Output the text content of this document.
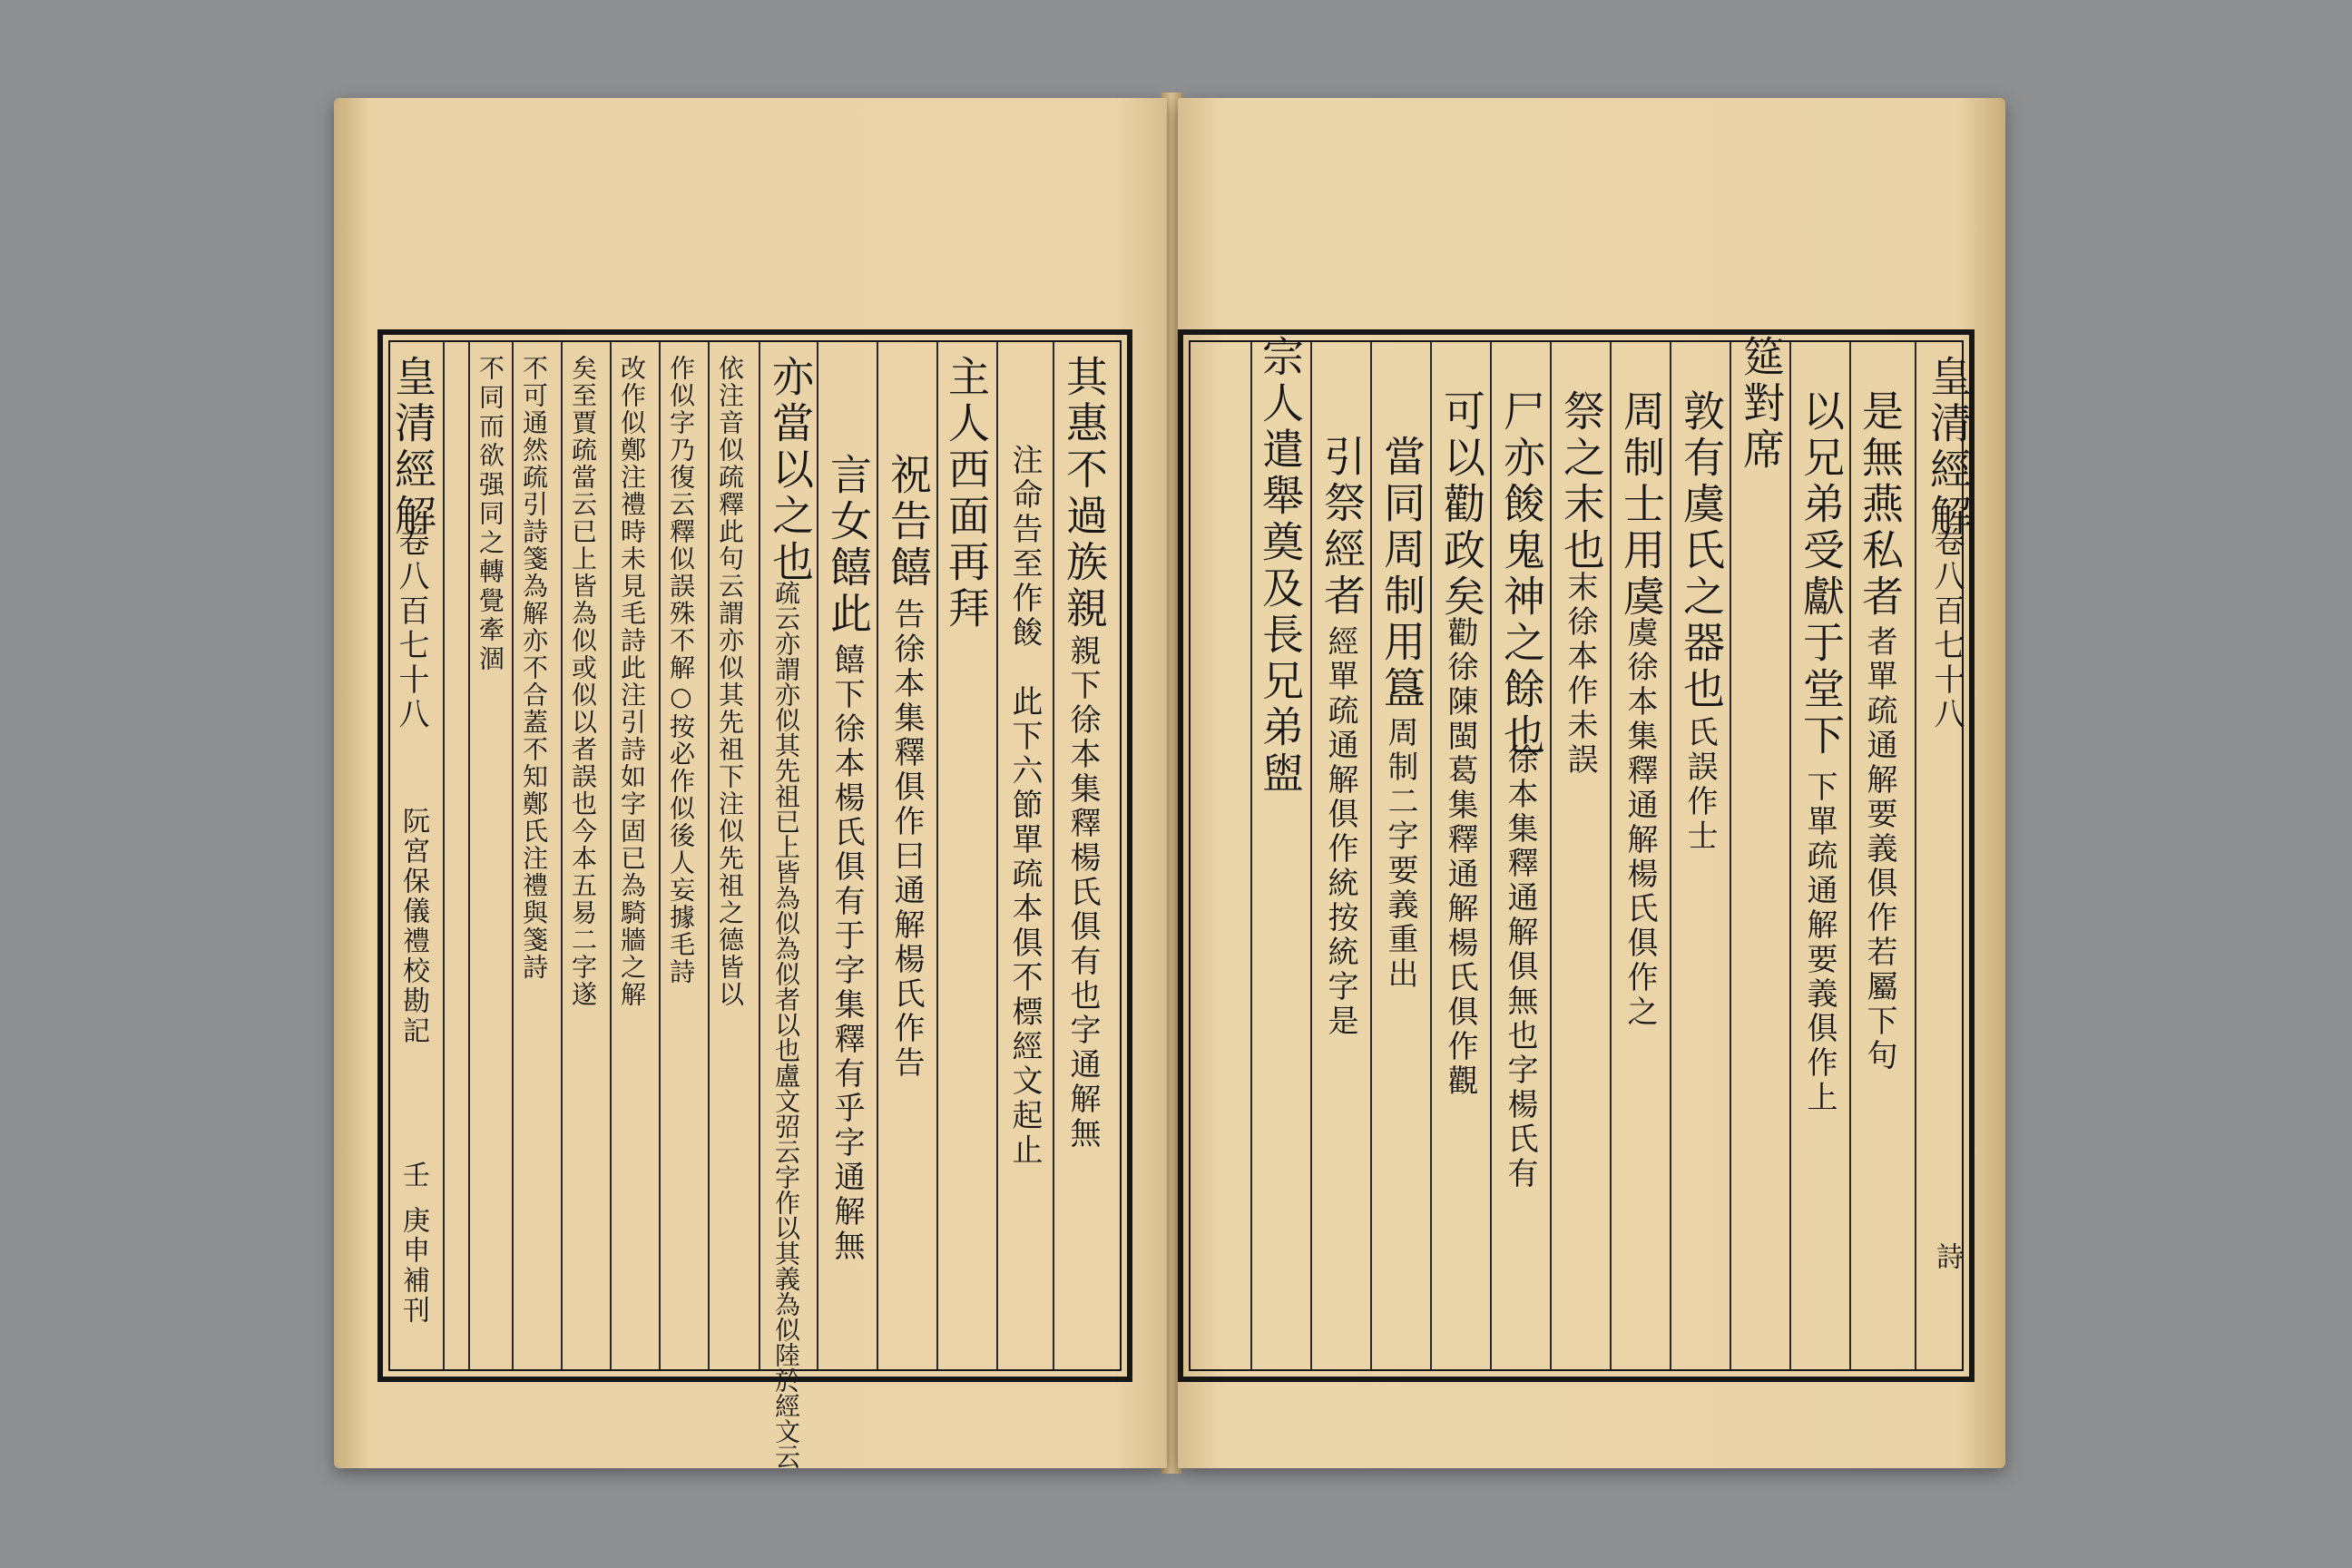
皇清經解
卷八百七十八
阮宮保儀禮校勘記
壬
庚申補刊
其惠不過族親
親下徐本集釋楊氏俱有也字通解無
注命告至作餕　此下六節單疏本俱不標經文起止
主人西面再拜
祝告饎
告徐本集釋俱作曰通解楊氏作告
言女饎此
饎下徐本楊氏俱有于字集釋有乎字通解無
亦當以之也
疏云亦謂亦似其先祖已上皆為似為似者以也盧文弨云字作以其義為似陸於經文云
依注音似疏釋此句云謂亦似其先祖下注似先祖之德皆以
作似字乃復云釋似誤殊不解○按必作似後人妄據毛詩
改作似鄭注禮時未見毛詩此注引詩如字固已為騎牆之解
矣至賈疏當云已上皆為似或似以者誤也今本五易二字遂
不可通然疏引詩箋為解亦不合蓋不知鄭氏注禮與箋詩
不同而欲强同之轉覺牽涸	皇清經解
卷八百七十八
詩
是無燕私者
者單疏通解要義俱作若屬下句
以兄弟受獻于堂下
下單疏通解要義俱作上
筵對席
敦有虞氏之器也
氏誤作士
周制士用虞
虞徐本集釋通解楊氏俱作之
祭之末也
末徐本作未誤
尸亦餕鬼神之餘也
徐本集釋通解俱無也字楊氏有
可以勸政矣
勸徐陳閩葛集釋通解楊氏俱作觀
當同周制用簋
周制二字要義重出
引祭經者
經單疏通解俱作統按統字是
宗人遣舉奠及長兄弟盥
